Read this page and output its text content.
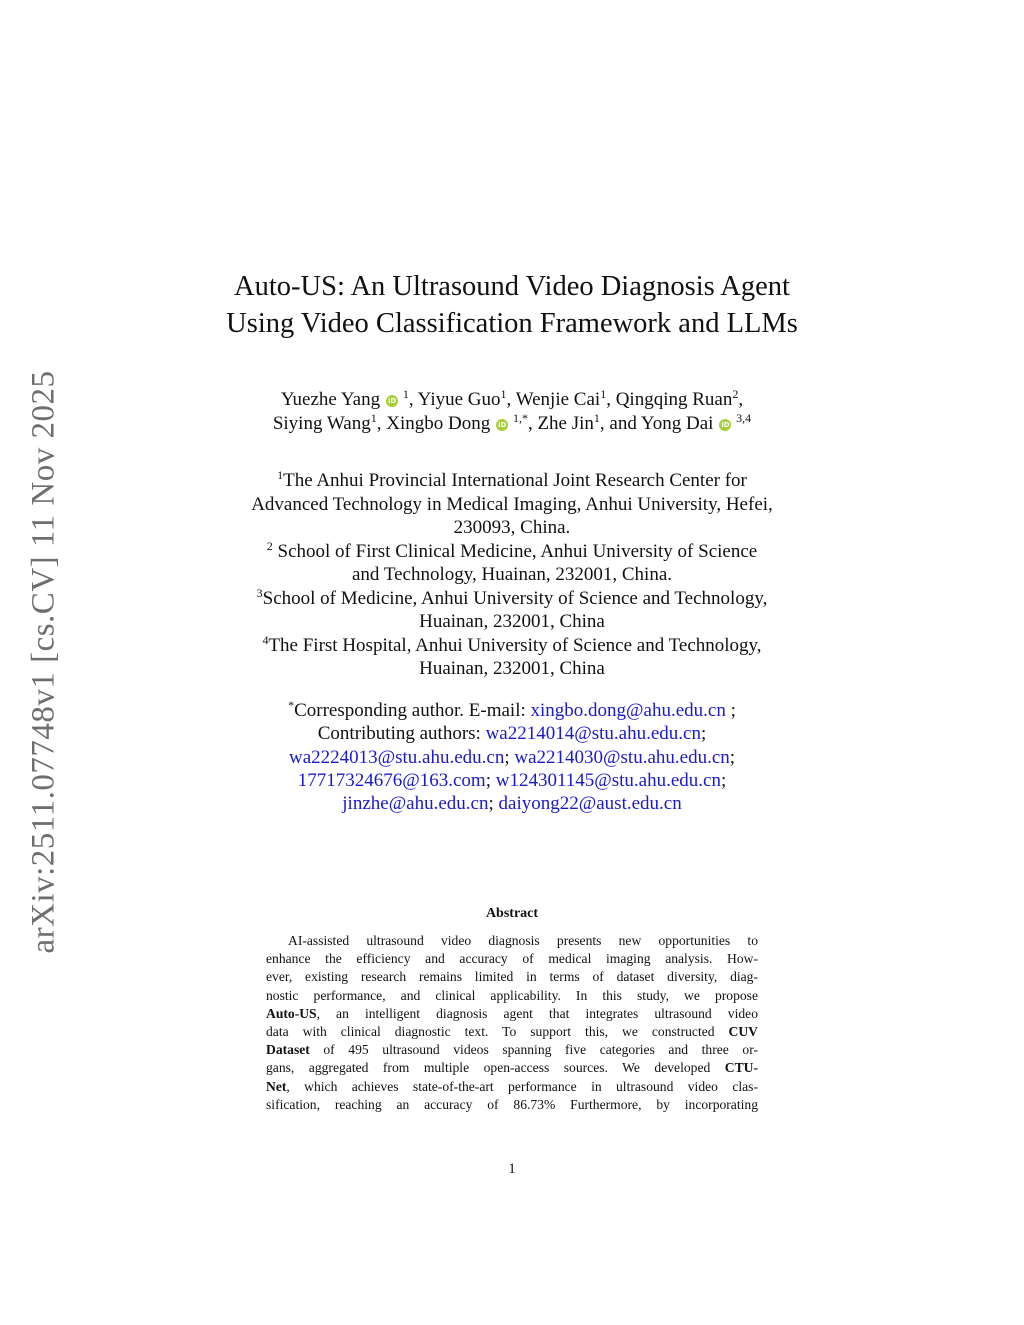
arXiv:2511.07748v1 [cs.CV] 11 Nov 2025
Auto-US: An Ultrasound Video Diagnosis Agent
Using Video Classification Framework and LLMs
Yuezhe Yang iD $^1$, Yiyue Guo$^1$, Wenjie Cai$^1$, Qingqing Ruan$^2$,
Siying Wang$^1$, Xingbo Dong iD $^{1,*}$, Zhe Jin$^1$, and Yong Dai iD $^{3,4}$
$^1$The Anhui Provincial International Joint Research Center for
Advanced Technology in Medical Imaging, Anhui University, Hefei,
230093, China.
$^2$ School of First Clinical Medicine, Anhui University of Science
and Technology, Huainan, 232001, China.
$^3$School of Medicine, Anhui University of Science and Technology,
Huainan, 232001, China
$^4$The First Hospital, Anhui University of Science and Technology,
Huainan, 232001, China
*Corresponding author. E-mail: xingbo.dong@ahu.edu.cn ;
Contributing authors: wa2214014@stu.ahu.edu.cn;
wa2224013@stu.ahu.edu.cn; wa2214030@stu.ahu.edu.cn;
17717324676@163.com; w124301145@stu.ahu.edu.cn;
jinzhe@ahu.edu.cn; daiyong22@aust.edu.cn
Abstract
AI-assisted ultrasound video diagnosis presents new opportunities to
enhance the efficiency and accuracy of medical imaging analysis. How-
ever, existing research remains limited in terms of dataset diversity, diag-
nostic performance, and clinical applicability. In this study, we propose
Auto-US, an intelligent diagnosis agent that integrates ultrasound video
data with clinical diagnostic text. To support this, we constructed CUV
Dataset of 495 ultrasound videos spanning five categories and three or-
gans, aggregated from multiple open-access sources. We developed CTU-
Net, which achieves state-of-the-art performance in ultrasound video clas-
sification, reaching an accuracy of 86.73% Furthermore, by incorporating
1
